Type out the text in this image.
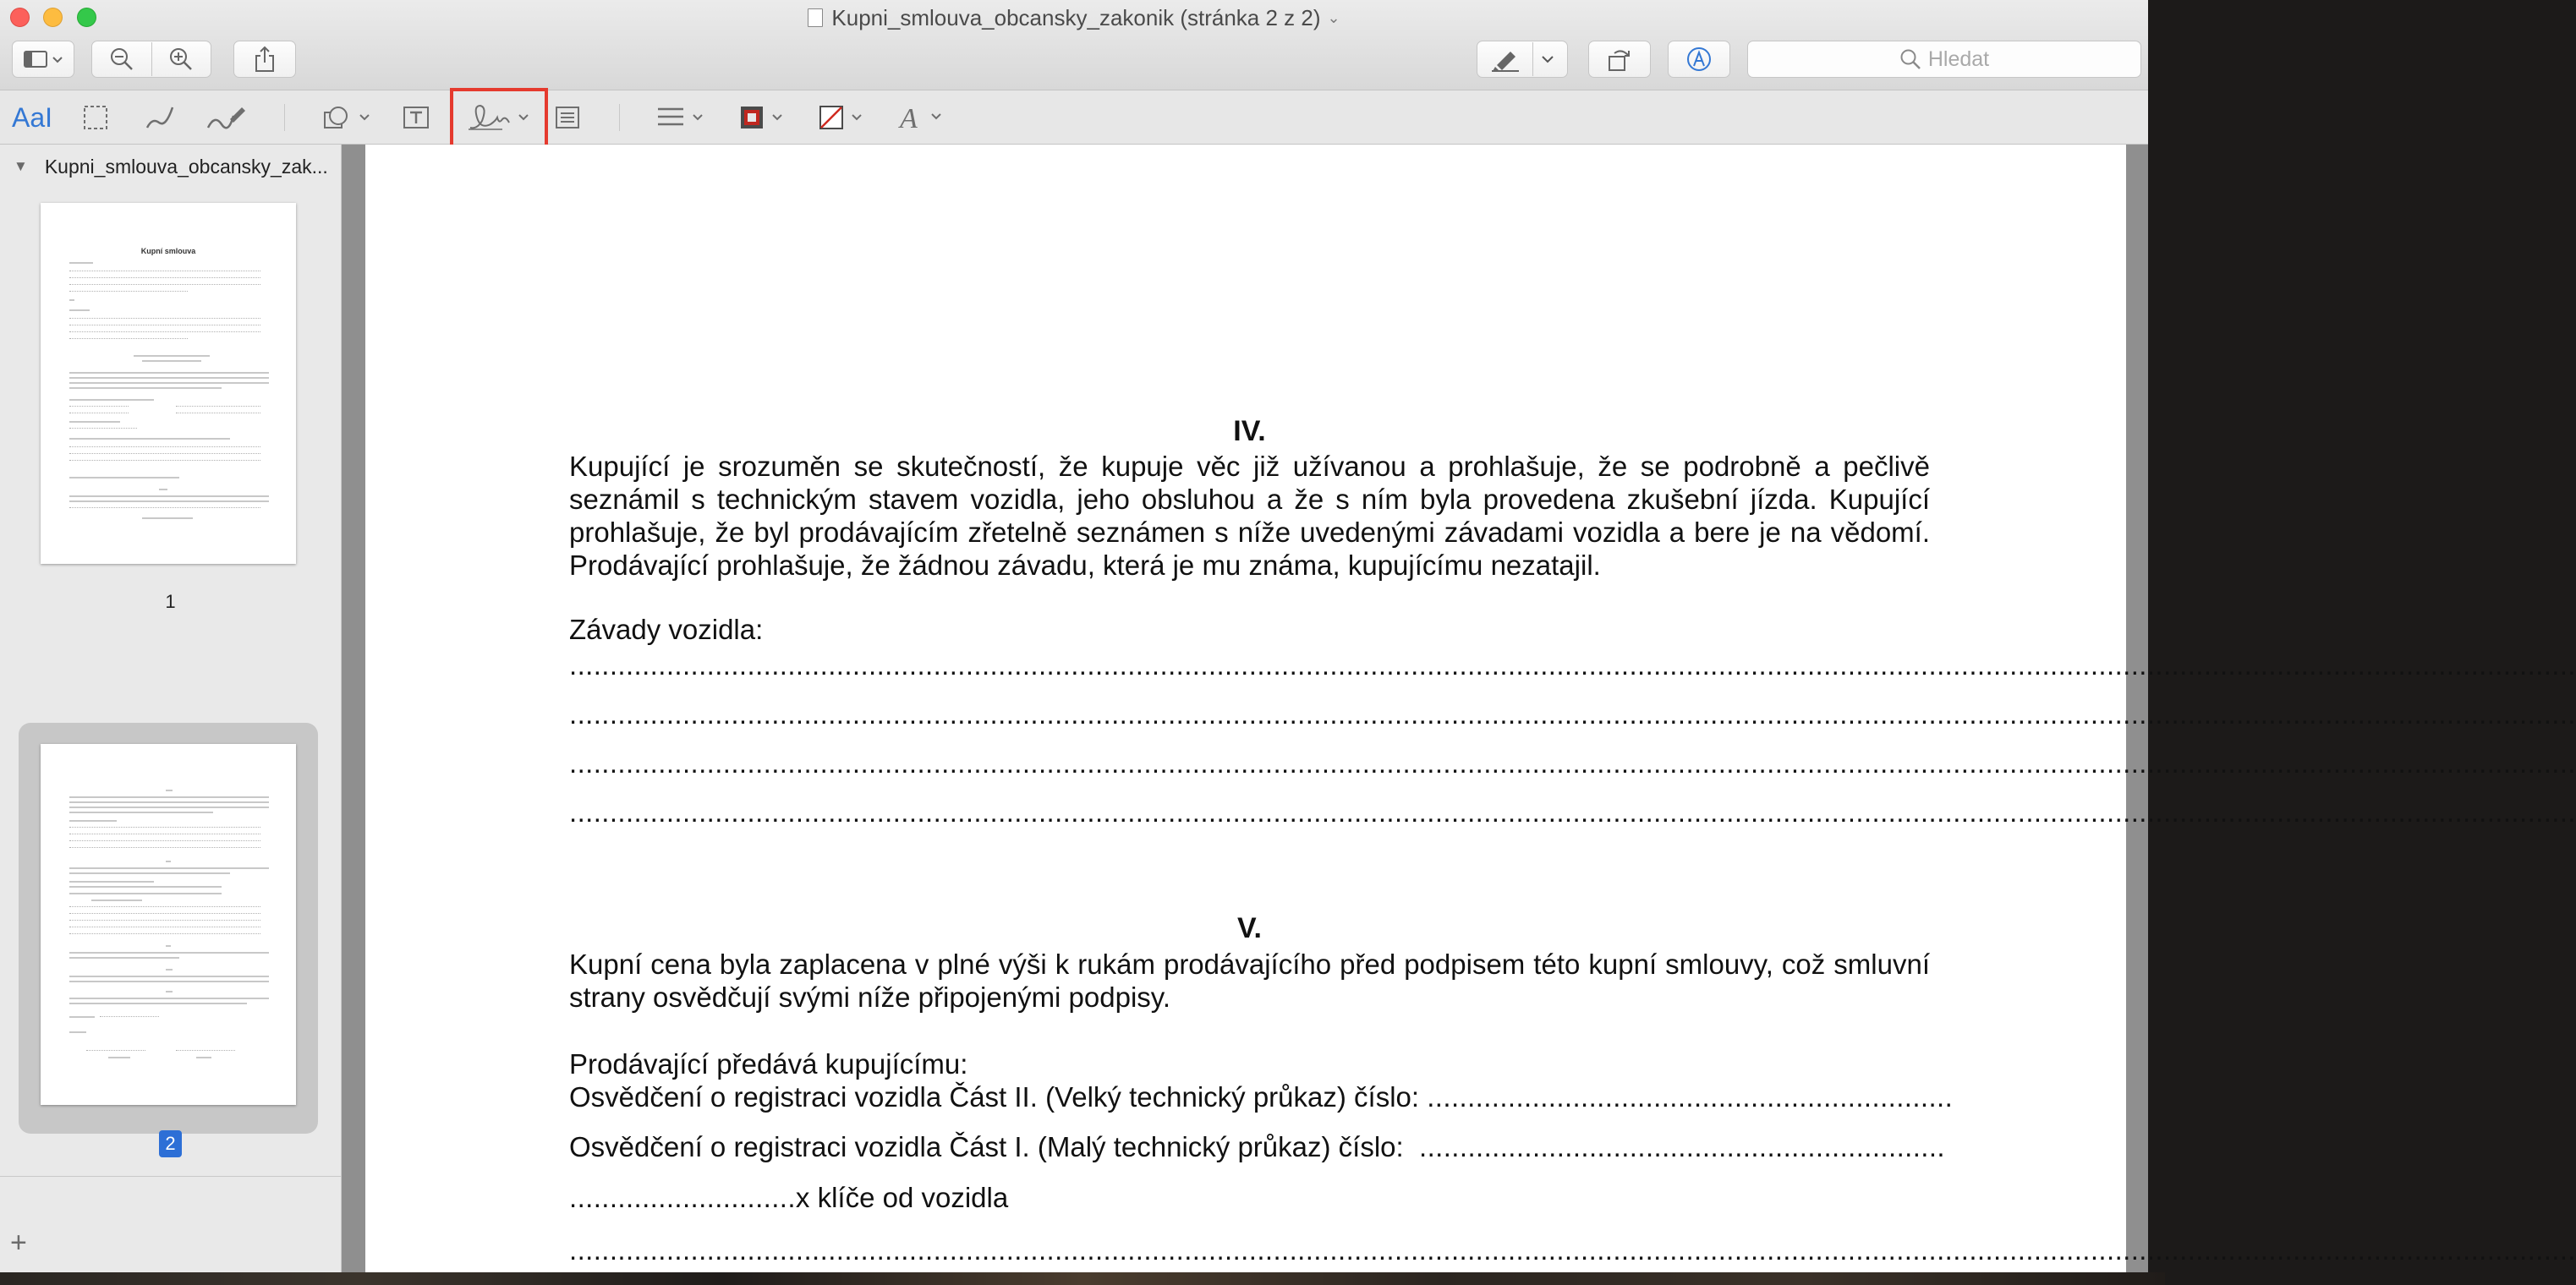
Kupni_smlouva_obcansky_zakonik (stránka 2 z 2) ⌄
Hledat
AaI	A
▼ Kupni_smlouva_obcansky_zak...
Kupní smlouva
1
2
+
IV.
Kupující je srozuměn se skutečností, že kupuje věc již užívanou a prohlašuje, že se podrobně a pečlivě seznámil s technickým stavem vozidla, jeho obsluhou a že s ním byla provedena zkušební jízda. Kupující prohlašuje, že byl prodávajícím zřetelně seznámen s níže uvedenými závadami vozidla a bere je na vědomí. Prodávající prohlašuje, že žádnou závadu, která je mu známa, kupujícímu nezatajil.
Závady vozidla:
........................................................................................................................................................................................................................................................
........................................................................................................................................................................................................................................................
........................................................................................................................................................................................................................................................
........................................................................................................................................................................................................................................................
V.
Kupní cena byla zaplacena v plné výši k rukám prodávajícího před podpisem této kupní smlouvy, což smluvní strany osvědčují svými níže připojenými podpisy.
Prodávající předává kupujícímu:
Osvědčení o registraci vozidla Část II. (Velký technický průkaz) číslo: .................................................................
Osvědčení o registraci vozidla Část I. (Malý technický průkaz) číslo: .................................................................
............................x klíče od vozidla
........................................................................................................................................................................................................................................................
